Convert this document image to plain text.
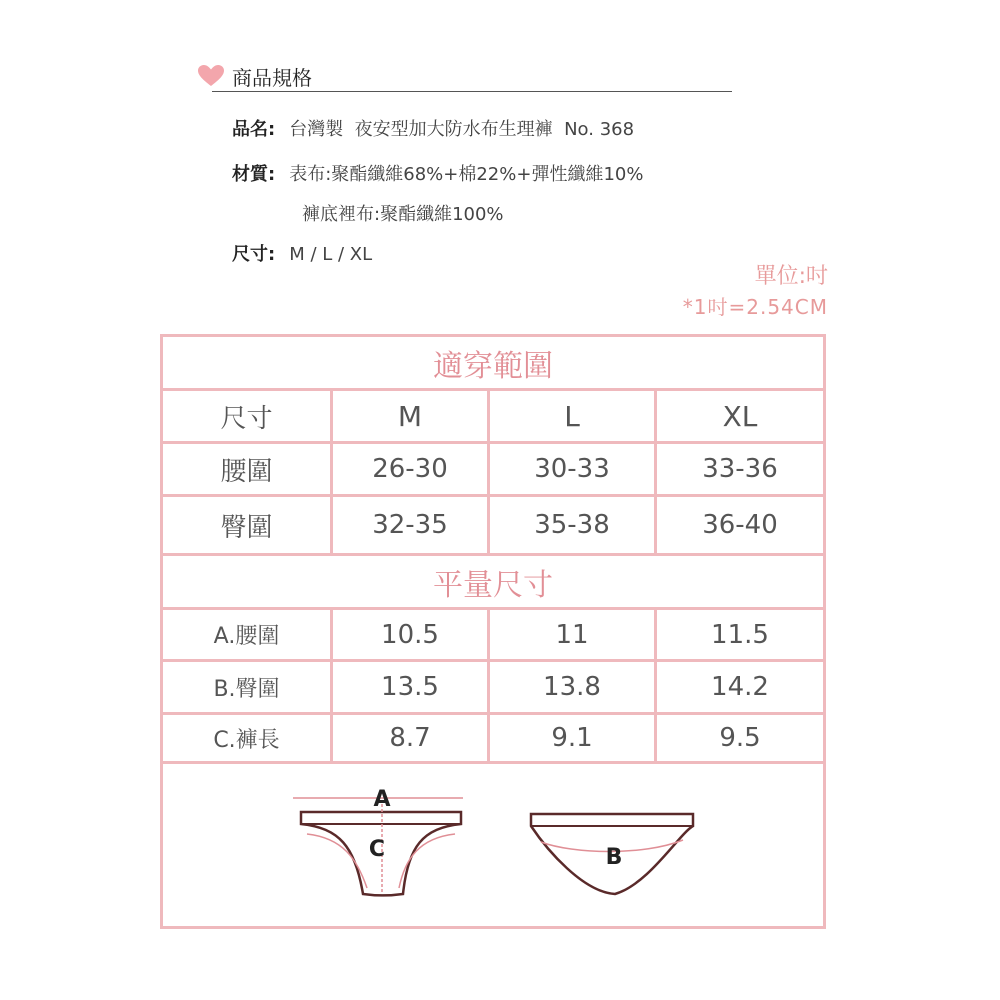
商品規格
品名: 台灣製  夜安型加大防水布生理褲  No. 368
材質: 表布:聚酯纖維68%+棉22%+彈性纖維10%
褲底裡布:聚酯纖維100%
尺寸: M / L / XL
單位:吋
*1吋=2.54CM
適穿範圍
尺寸	M	L	XL
腰圍	26-30	30-33	33-36
臀圍	32-35	35-38	36-40
平量尺寸
A.腰圍	10.5	11	11.5
B.臀圍	13.5	13.8	14.2
C.褲長	8.7	9.1	9.5
A
C	B
